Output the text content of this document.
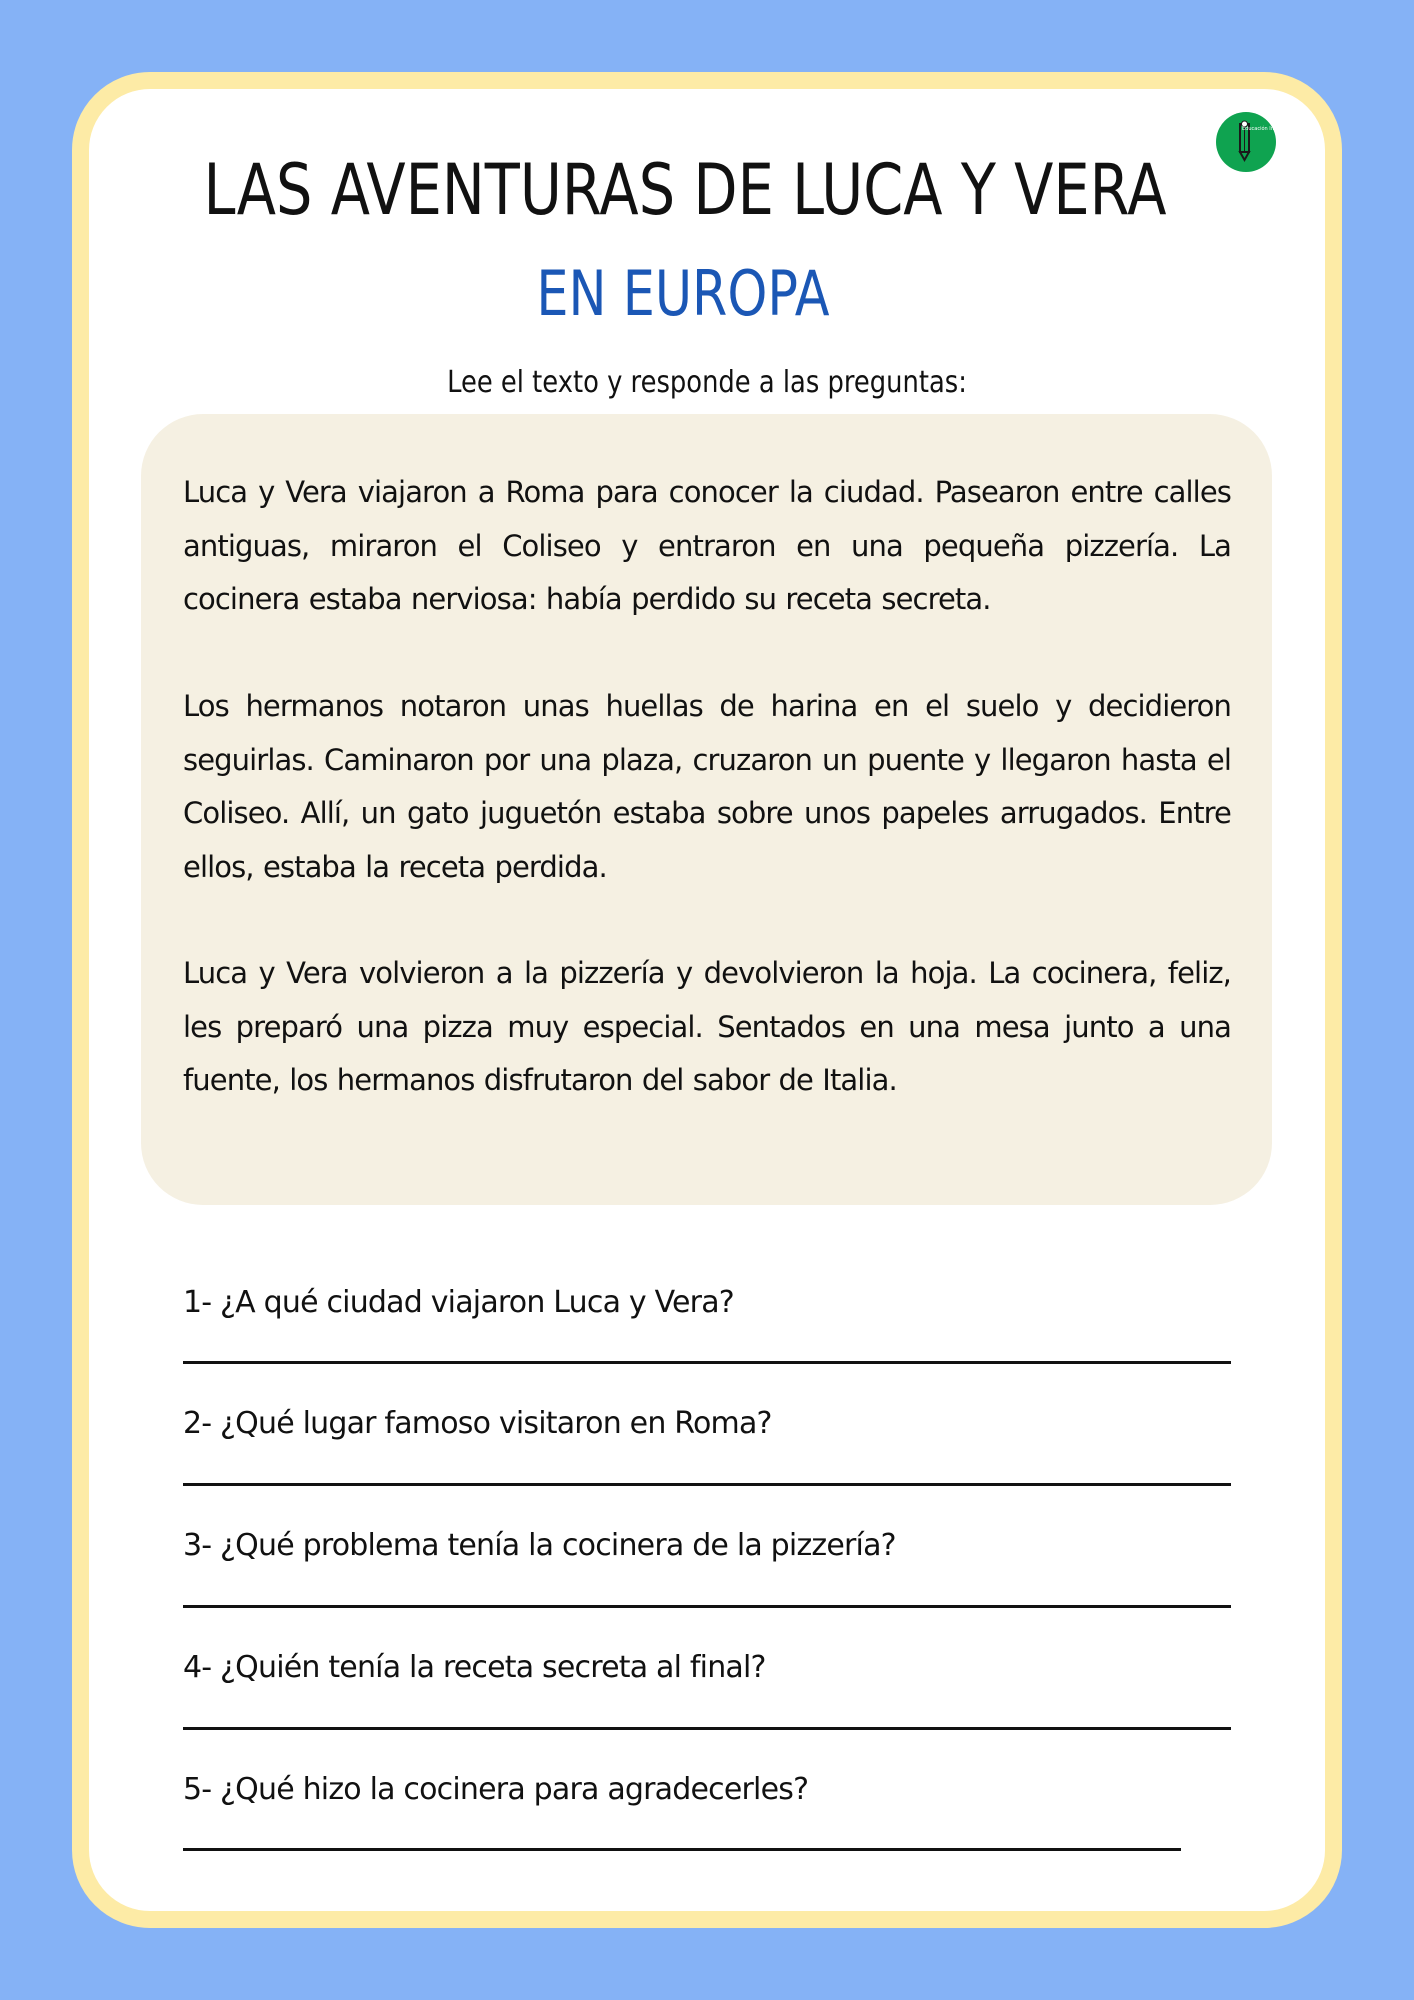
Educación Infantil
LAS AVENTURAS DE LUCA Y VERA
EN EUROPA

Lee el texto y responde a las preguntas:

Luca y Vera viajaron a Roma para conocer la ciudad. Pasearon entre calles antiguas, miraron el Coliseo y entraron en una pequeña pizzería. La cocinera estaba nerviosa: había perdido su receta secreta.

Los hermanos notaron unas huellas de harina en el suelo y decidieron seguirlas. Caminaron por una plaza, cruzaron un puente y llegaron hasta el Coliseo. Allí, un gato juguetón estaba sobre unos papeles arrugados. Entre ellos, estaba la receta perdida.

Luca y Vera volvieron a la pizzería y devolvieron la hoja. La cocinera, feliz, les preparó una pizza muy especial. Sentados en una mesa junto a una fuente, los hermanos disfrutaron del sabor de Italia.

1- ¿A qué ciudad viajaron Luca y Vera?

2- ¿Qué lugar famoso visitaron en Roma?

3- ¿Qué problema tenía la cocinera de la pizzería?

4- ¿Quién tenía la receta secreta al final?

5- ¿Qué hizo la cocinera para agradecerles?
